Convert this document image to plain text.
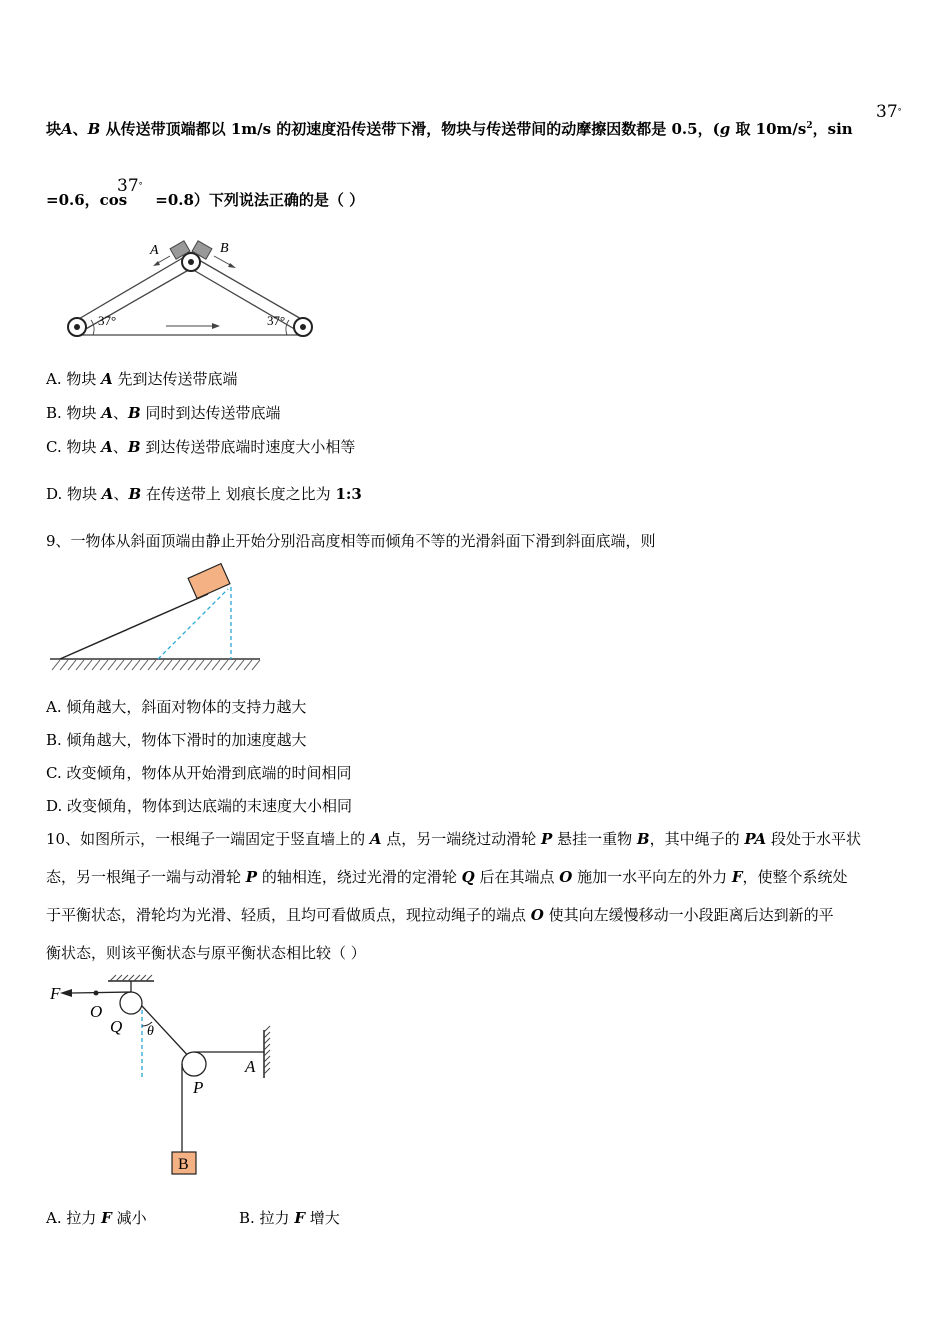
块A、B 从传送带顶端都以 1m/s 的初速度沿传送带下滑，物块与传送带间的动摩擦因数都是 0.5，(g 取 $10m/s^2$，sin
37°
=0.6，cos =0.8）下列说法正确的是（ ）
37°
A	B
37°	37°
A. 物块 A 先到达传送带底端
B. 物块 A、B 同时到达传送带底端
C. 物块 A、B 到达传送带底端时速度大小相等
D. 物块 A、B 在传送带上 划痕长度之比为 1:3
9、一物体从斜面顶端由静止开始分别沿高度相等而倾角不等的光滑斜面下滑到斜面底端，则
A. 倾角越大，斜面对物体的支持力越大
B. 倾角越大，物体下滑时的加速度越大
C. 改变倾角，物体从开始滑到底端的时间相同
D. 改变倾角，物体到达底端的末速度大小相同
10、如图所示，一根绳子一端固定于竖直墙上的 A 点，另一端绕过动滑轮 P 悬挂一重物 B，其中绳子的 PA 段处于水平状
态，另一根绳子一端与动滑轮 P 的轴相连，绕过光滑的定滑轮 Q 后在其端点 O 施加一水平向左的外力 F，使整个系统处
于平衡状态，滑轮均为光滑、轻质，且均可看做质点，现拉动绳子的端点 O 使其向左缓慢移动一小段距离后达到新的平
衡状态，则该平衡状态与原平衡状态相比较（ ）
B
F
O
Q θ
P
A
A. 拉力 F 减小	B. 拉力 F 增大
